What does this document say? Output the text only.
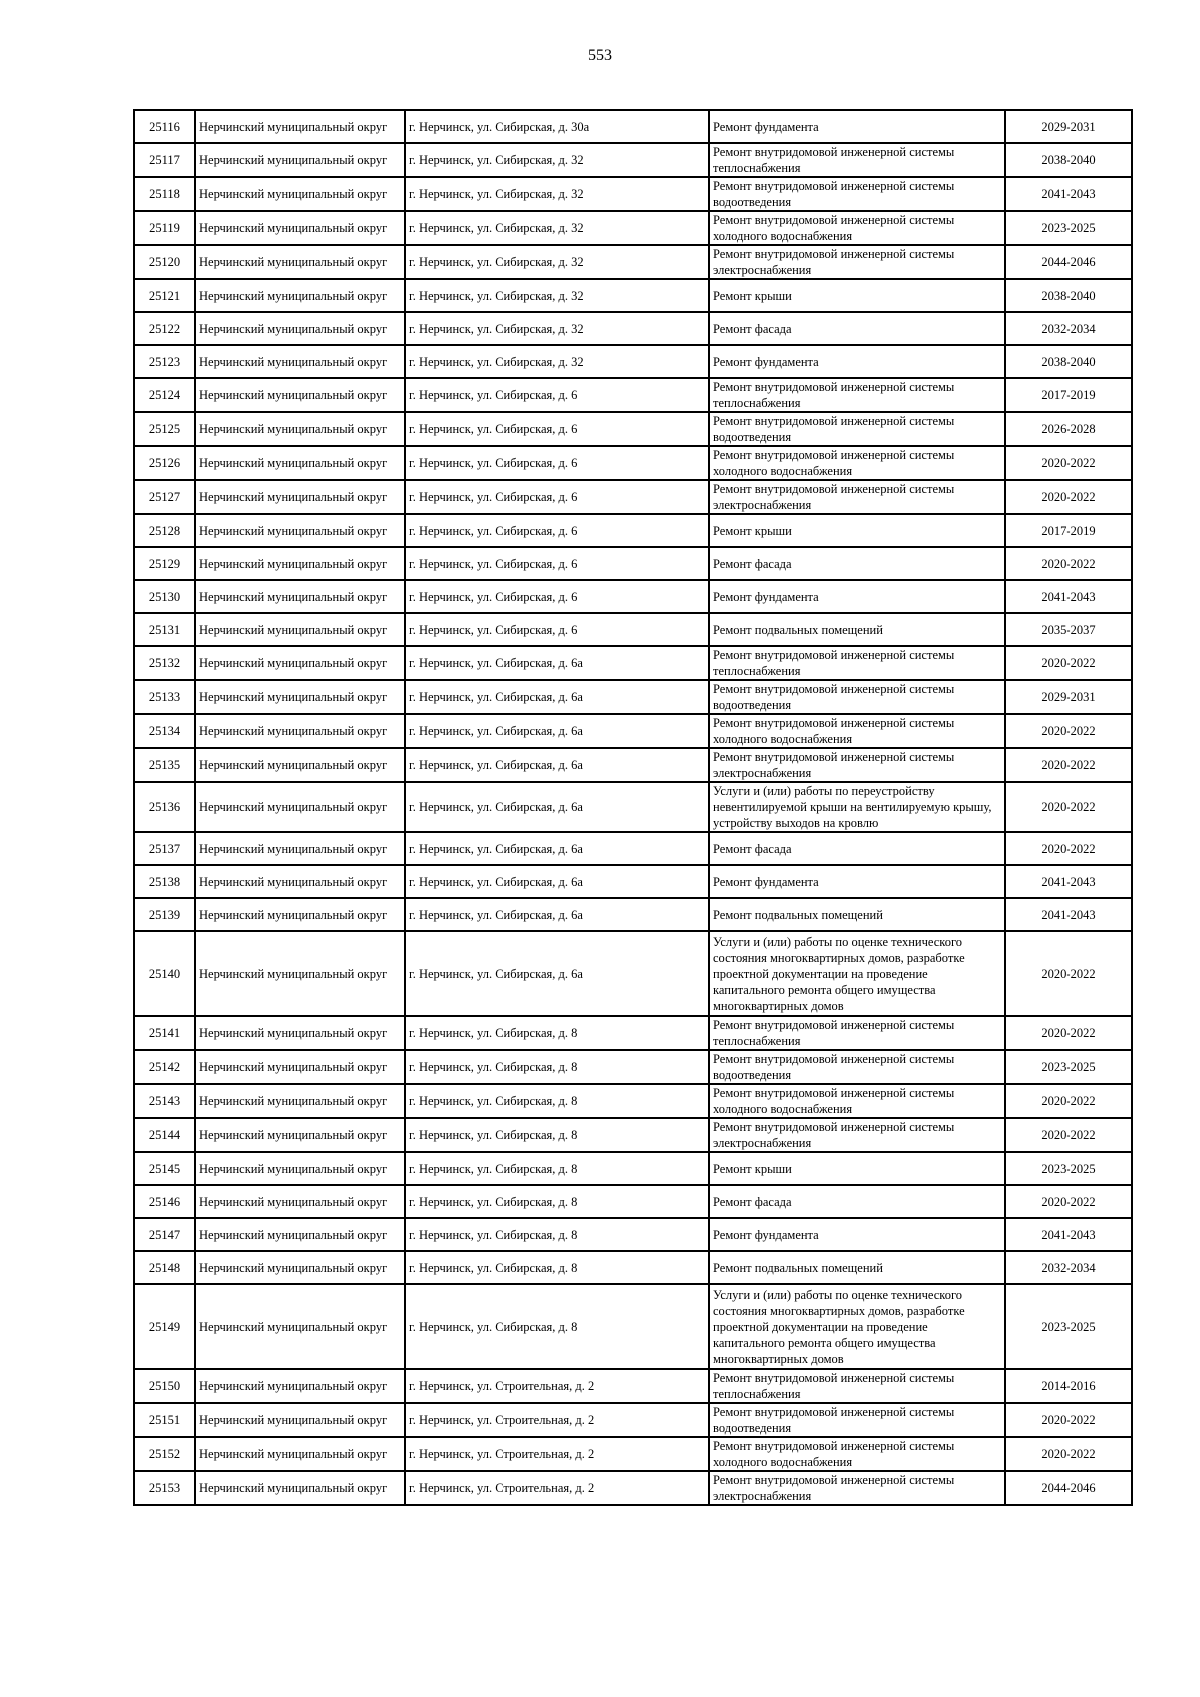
553
25116	Нерчинский муниципальный округ	г. Нерчинск, ул. Сибирская, д. 30а	Ремонт фундамента	2029-2031
25117	Нерчинский муниципальный округ	г. Нерчинск, ул. Сибирская, д. 32	Ремонт внутридомовой инженерной системы теплоснабжения	2038-2040
25118	Нерчинский муниципальный округ	г. Нерчинск, ул. Сибирская, д. 32	Ремонт внутридомовой инженерной системы водоотведения	2041-2043
25119	Нерчинский муниципальный округ	г. Нерчинск, ул. Сибирская, д. 32	Ремонт внутридомовой инженерной системы холодного водоснабжения	2023-2025
25120	Нерчинский муниципальный округ	г. Нерчинск, ул. Сибирская, д. 32	Ремонт внутридомовой инженерной системы электроснабжения	2044-2046
25121	Нерчинский муниципальный округ	г. Нерчинск, ул. Сибирская, д. 32	Ремонт крыши	2038-2040
25122	Нерчинский муниципальный округ	г. Нерчинск, ул. Сибирская, д. 32	Ремонт фасада	2032-2034
25123	Нерчинский муниципальный округ	г. Нерчинск, ул. Сибирская, д. 32	Ремонт фундамента	2038-2040
25124	Нерчинский муниципальный округ	г. Нерчинск, ул. Сибирская, д. 6	Ремонт внутридомовой инженерной системы теплоснабжения	2017-2019
25125	Нерчинский муниципальный округ	г. Нерчинск, ул. Сибирская, д. 6	Ремонт внутридомовой инженерной системы водоотведения	2026-2028
25126	Нерчинский муниципальный округ	г. Нерчинск, ул. Сибирская, д. 6	Ремонт внутридомовой инженерной системы холодного водоснабжения	2020-2022
25127	Нерчинский муниципальный округ	г. Нерчинск, ул. Сибирская, д. 6	Ремонт внутридомовой инженерной системы электроснабжения	2020-2022
25128	Нерчинский муниципальный округ	г. Нерчинск, ул. Сибирская, д. 6	Ремонт крыши	2017-2019
25129	Нерчинский муниципальный округ	г. Нерчинск, ул. Сибирская, д. 6	Ремонт фасада	2020-2022
25130	Нерчинский муниципальный округ	г. Нерчинск, ул. Сибирская, д. 6	Ремонт фундамента	2041-2043
25131	Нерчинский муниципальный округ	г. Нерчинск, ул. Сибирская, д. 6	Ремонт подвальных помещений	2035-2037
25132	Нерчинский муниципальный округ	г. Нерчинск, ул. Сибирская, д. 6а	Ремонт внутридомовой инженерной системы теплоснабжения	2020-2022
25133	Нерчинский муниципальный округ	г. Нерчинск, ул. Сибирская, д. 6а	Ремонт внутридомовой инженерной системы водоотведения	2029-2031
25134	Нерчинский муниципальный округ	г. Нерчинск, ул. Сибирская, д. 6а	Ремонт внутридомовой инженерной системы холодного водоснабжения	2020-2022
25135	Нерчинский муниципальный округ	г. Нерчинск, ул. Сибирская, д. 6а	Ремонт внутридомовой инженерной системы электроснабжения	2020-2022
25136	Нерчинский муниципальный округ	г. Нерчинск, ул. Сибирская, д. 6а	Услуги и (или) работы по переустройству невентилируемой крыши на вентилируемую крышу, устройству выходов на кровлю	2020-2022
25137	Нерчинский муниципальный округ	г. Нерчинск, ул. Сибирская, д. 6а	Ремонт фасада	2020-2022
25138	Нерчинский муниципальный округ	г. Нерчинск, ул. Сибирская, д. 6а	Ремонт фундамента	2041-2043
25139	Нерчинский муниципальный округ	г. Нерчинск, ул. Сибирская, д. 6а	Ремонт подвальных помещений	2041-2043
25140	Нерчинский муниципальный округ	г. Нерчинск, ул. Сибирская, д. 6а	Услуги и (или) работы по оценке технического состояния многоквартирных домов, разработке проектной документации на проведение капитального ремонта общего имущества многоквартирных домов	2020-2022
25141	Нерчинский муниципальный округ	г. Нерчинск, ул. Сибирская, д. 8	Ремонт внутридомовой инженерной системы теплоснабжения	2020-2022
25142	Нерчинский муниципальный округ	г. Нерчинск, ул. Сибирская, д. 8	Ремонт внутридомовой инженерной системы водоотведения	2023-2025
25143	Нерчинский муниципальный округ	г. Нерчинск, ул. Сибирская, д. 8	Ремонт внутридомовой инженерной системы холодного водоснабжения	2020-2022
25144	Нерчинский муниципальный округ	г. Нерчинск, ул. Сибирская, д. 8	Ремонт внутридомовой инженерной системы электроснабжения	2020-2022
25145	Нерчинский муниципальный округ	г. Нерчинск, ул. Сибирская, д. 8	Ремонт крыши	2023-2025
25146	Нерчинский муниципальный округ	г. Нерчинск, ул. Сибирская, д. 8	Ремонт фасада	2020-2022
25147	Нерчинский муниципальный округ	г. Нерчинск, ул. Сибирская, д. 8	Ремонт фундамента	2041-2043
25148	Нерчинский муниципальный округ	г. Нерчинск, ул. Сибирская, д. 8	Ремонт подвальных помещений	2032-2034
25149	Нерчинский муниципальный округ	г. Нерчинск, ул. Сибирская, д. 8	Услуги и (или) работы по оценке технического состояния многоквартирных домов, разработке проектной документации на проведение капитального ремонта общего имущества многоквартирных домов	2023-2025
25150	Нерчинский муниципальный округ	г. Нерчинск, ул. Строительная, д. 2	Ремонт внутридомовой инженерной системы теплоснабжения	2014-2016
25151	Нерчинский муниципальный округ	г. Нерчинск, ул. Строительная, д. 2	Ремонт внутридомовой инженерной системы водоотведения	2020-2022
25152	Нерчинский муниципальный округ	г. Нерчинск, ул. Строительная, д. 2	Ремонт внутридомовой инженерной системы холодного водоснабжения	2020-2022
25153	Нерчинский муниципальный округ	г. Нерчинск, ул. Строительная, д. 2	Ремонт внутридомовой инженерной системы электроснабжения	2044-2046
